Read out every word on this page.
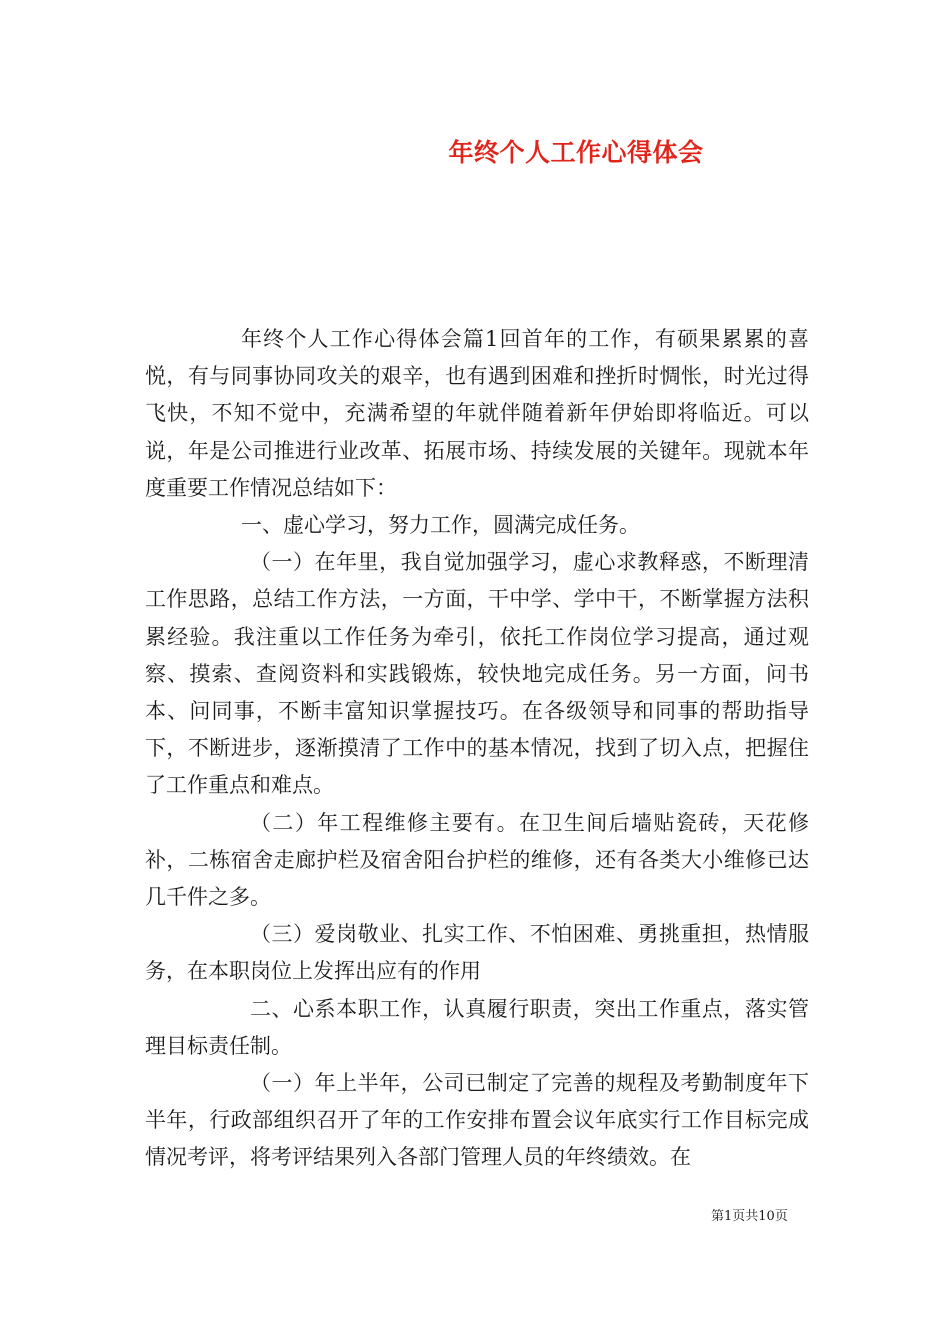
年终个人工作心得体会

年终个人工作心得体会篇1回首年的工作，有硕果累累的喜悦，有与同事协同攻关的艰辛，也有遇到困难和挫折时惆怅，时光过得飞快，不知不觉中，充满希望的年就伴随着新年伊始即将临近。可以说，年是公司推进行业改革、拓展市场、持续发展的关键年。现就本年度重要工作情况总结如下：

一、虚心学习，努力工作，圆满完成任务。

（一）在年里，我自觉加强学习，虚心求教释惑，不断理清工作思路，总结工作方法，一方面，干中学、学中干，不断掌握方法积累经验。我注重以工作任务为牵引，依托工作岗位学习提高，通过观察、摸索、查阅资料和实践锻炼，较快地完成任务。另一方面，问书本、问同事，不断丰富知识掌握技巧。在各级领导和同事的帮助指导下，不断进步，逐渐摸清了工作中的基本情况，找到了切入点，把握住了工作重点和难点。

（二）年工程维修主要有。在卫生间后墙贴瓷砖，天花修补，二栋宿舍走廊护栏及宿舍阳台护栏的维修，还有各类大小维修已达几千件之多。

（三）爱岗敬业、扎实工作、不怕困难、勇挑重担，热情服务，在本职岗位上发挥出应有的作用

二、心系本职工作，认真履行职责，突出工作重点，落实管理目标责任制。

（一）年上半年，公司已制定了完善的规程及考勤制度年下半年，行政部组织召开了年的工作安排布置会议年底实行工作目标完成情况考评，将考评结果列入各部门管理人员的年终绩效。在

第1页共10页
